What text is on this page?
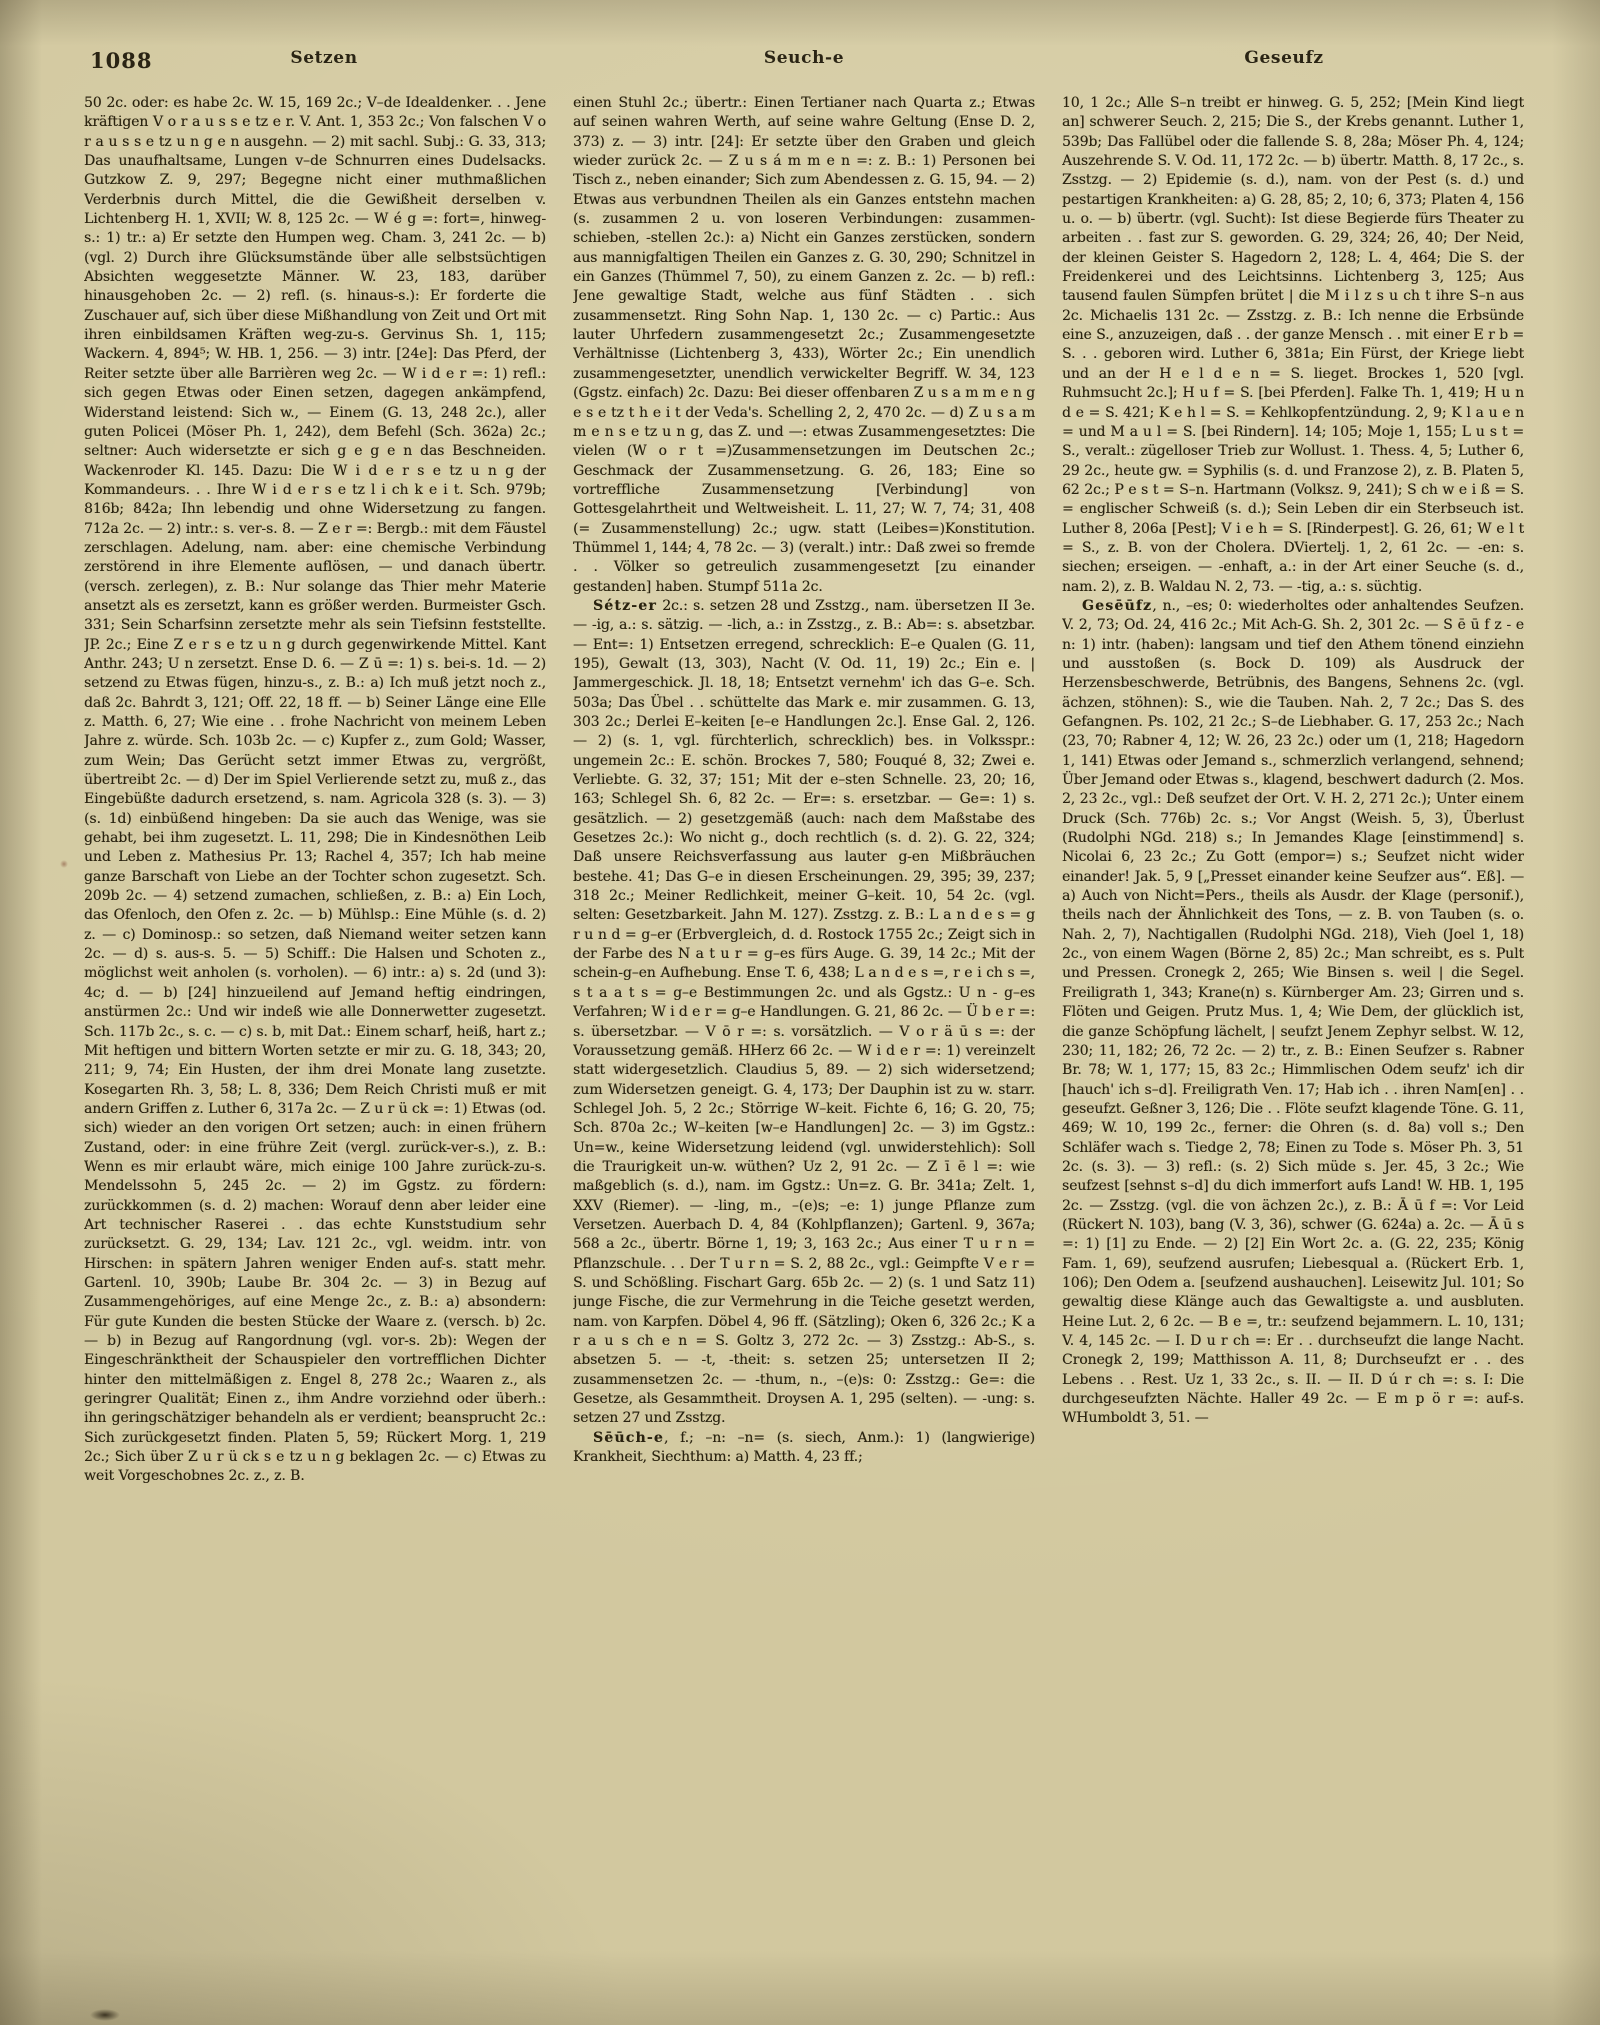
1088	Setzen	Seuch-e	Geseufz

50 2c. oder: es habe 2c. W. 15, 169 2c.; V–de Idealdenker. . . Jene kräftigen V o r a u s s e tz e r. V. Ant. 1, 353 2c.; Von falschen V o r a u s s e tz u n g e n ausgehn. — 2) mit sachl. Subj.: G. 33, 313; Das unaufhaltsame, Lungen v–de Schnurren eines Dudelsacks. Gutzkow Z. 9, 297; Begegne nicht einer muthmaßlichen Verderbnis durch Mittel, die die Gewißheit derselben v. Lichtenberg H. 1, XVII; W. 8, 125 2c. — W é g =: fort=, hinweg-s.: 1) tr.: a) Er setzte den Humpen weg. Cham. 3, 241 2c. — b) (vgl. 2) Durch ihre Glücksumstände über alle selbstsüchtigen Absichten weggesetzte Männer. W. 23, 183, darüber hinausgehoben 2c. — 2) refl. (s. hinaus-s.): Er forderte die Zuschauer auf, sich über diese Mißhandlung von Zeit und Ort mit ihren einbildsamen Kräften weg-zu-s. Gervinus Sh. 1, 115; Wackern. 4, 894⁵; W. HB. 1, 256. — 3) intr. [24e]: Das Pferd, der Reiter setzte über alle Barrièren weg 2c. — W i d e r =: 1) refl.: sich gegen Etwas oder Einen setzen, dagegen ankämpfend, Widerstand leistend: Sich w., — Einem (G. 13, 248 2c.), aller guten Policei (Möser Ph. 1, 242), dem Befehl (Sch. 362a) 2c.; seltner: Auch widersetzte er sich g e g e n das Beschneiden. Wackenroder Kl. 145. Dazu: Die W i d e r s e tz u n g der Kommandeurs. . . Ihre W i d e r s e tz l i ch k e i t. Sch. 979b; 816b; 842a; Ihn lebendig und ohne Widersetzung zu fangen. 712a 2c. — 2) intr.: s. ver-s. 8. — Z e r =: Bergb.: mit dem Fäustel zerschlagen. Adelung, nam. aber: eine chemische Verbindung zerstörend in ihre Elemente auflösen, — und danach übertr. (versch. zerlegen), z. B.: Nur solange das Thier mehr Materie ansetzt als es zersetzt, kann es größer werden. Burmeister Gsch. 331; Sein Scharfsinn zersetzte mehr als sein Tiefsinn feststellte. JP. 2c.; Eine Z e r s e tz u n g durch gegenwirkende Mittel. Kant Anthr. 243; U n zersetzt. Ense D. 6. — Z ū =: 1) s. bei-s. 1d. — 2) setzend zu Etwas fügen, hinzu-s., z. B.: a) Ich muß jetzt noch z., daß 2c. Bahrdt 3, 121; Off. 22, 18 ff. — b) Seiner Länge eine Elle z. Matth. 6, 27; Wie eine . . frohe Nachricht von meinem Leben Jahre z. würde. Sch. 103b 2c. — c) Kupfer z., zum Gold; Wasser, zum Wein; Das Gerücht setzt immer Etwas zu, vergrößt, übertreibt 2c. — d) Der im Spiel Verlierende setzt zu, muß z., das Eingebüßte dadurch ersetzend, s. nam. Agricola 328 (s. 3). — 3) (s. 1d) einbüßend hingeben: Da sie auch das Wenige, was sie gehabt, bei ihm zugesetzt. L. 11, 298; Die in Kindesnöthen Leib und Leben z. Mathesius Pr. 13; Rachel 4, 357; Ich hab meine ganze Barschaft von Liebe an der Tochter schon zugesetzt. Sch. 209b 2c. — 4) setzend zumachen, schließen, z. B.: a) Ein Loch, das Ofenloch, den Ofen z. 2c. — b) Mühlsp.: Eine Mühle (s. d. 2) z. — c) Dominosp.: so setzen, daß Niemand weiter setzen kann 2c. — d) s. aus-s. 5. — 5) Schiff.: Die Halsen und Schoten z., möglichst weit anholen (s. vorholen). — 6) intr.: a) s. 2d (und 3): 4c; d. — b) [24] hinzueilend auf Jemand heftig eindringen, anstürmen 2c.: Und wir indeß wie alle Donnerwetter zugesetzt. Sch. 117b 2c., s. c. — c) s. b, mit Dat.: Einem scharf, heiß, hart z.; Mit heftigen und bittern Worten setzte er mir zu. G. 18, 343; 20, 211; 9, 74; Ein Husten, der ihm drei Monate lang zusetzte. Kosegarten Rh. 3, 58; L. 8, 336; Dem Reich Christi muß er mit andern Griffen z. Luther 6, 317a 2c. — Z u r ü ck =: 1) Etwas (od. sich) wieder an den vorigen Ort setzen; auch: in einen frühern Zustand, oder: in eine frühre Zeit (vergl. zurück-ver-s.), z. B.: Wenn es mir erlaubt wäre, mich einige 100 Jahre zurück-zu-s. Mendelssohn 5, 245 2c. — 2) im Ggstz. zu fördern: zurückkommen (s. d. 2) machen: Worauf denn aber leider eine Art technischer Raserei . . das echte Kunststudium sehr zurücksetzt. G. 29, 134; Lav. 121 2c., vgl. weidm. intr. von Hirschen: in spätern Jahren weniger Enden auf-s. statt mehr. Gartenl. 10, 390b; Laube Br. 304 2c. — 3) in Bezug auf Zusammengehöriges, auf eine Menge 2c., z. B.: a) absondern: Für gute Kunden die besten Stücke der Waare z. (versch. b) 2c. — b) in Bezug auf Rangordnung (vgl. vor-s. 2b): Wegen der Eingeschränktheit der Schauspieler den vortrefflichen Dichter hinter den mittelmäßigen z. Engel 8, 278 2c.; Waaren z., als geringrer Qualität; Einen z., ihm Andre vorziehnd oder überh.: ihn geringschätziger behandeln als er verdient; beansprucht 2c.: Sich zurückgesetzt finden. Platen 5, 59; Rückert Morg. 1, 219 2c.; Sich über Z u r ü ck s e tz u n g beklagen 2c. — c) Etwas zu weit Vorgeschobnes 2c. z., z. B.

einen Stuhl 2c.; übertr.: Einen Tertianer nach Quarta z.; Etwas auf seinen wahren Werth, auf seine wahre Geltung (Ense D. 2, 373) z. — 3) intr. [24]: Er setzte über den Graben und gleich wieder zurück 2c. — Z u s á m m e n =: z. B.: 1) Personen bei Tisch z., neben einander; Sich zum Abendessen z. G. 15, 94. — 2) Etwas aus verbundnen Theilen als ein Ganzes entstehn machen (s. zusammen 2 u. von loseren Verbindungen: zusammen-schieben, -stellen 2c.): a) Nicht ein Ganzes zerstücken, sondern aus mannigfaltigen Theilen ein Ganzes z. G. 30, 290; Schnitzel in ein Ganzes (Thümmel 7, 50), zu einem Ganzen z. 2c. — b) refl.: Jene gewaltige Stadt, welche aus fünf Städten . . sich zusammensetzt. Ring Sohn Nap. 1, 130 2c. — c) Partic.: Aus lauter Uhrfedern zusammengesetzt 2c.; Zusammengesetzte Verhältnisse (Lichtenberg 3, 433), Wörter 2c.; Ein unendlich zusammengesetzter, unendlich verwickelter Begriff. W. 34, 123 (Ggstz. einfach) 2c. Dazu: Bei dieser offenbaren Z u s a m m e n g e s e tz t h e i t der Veda's. Schelling 2, 2, 470 2c. — d) Z u s a m m e n s e tz u n g, das Z. und —: etwas Zusammengesetztes: Die vielen (W o r t =)Zusammensetzungen im Deutschen 2c.; Geschmack der Zusammensetzung. G. 26, 183; Eine so vortreffliche Zusammensetzung [Verbindung] von Gottesgelahrtheit und Weltweisheit. L. 11, 27; W. 7, 74; 31, 408 (= Zusammenstellung) 2c.; ugw. statt (Leibes=)Konstitution. Thümmel 1, 144; 4, 78 2c. — 3) (veralt.) intr.: Daß zwei so fremde . . Völker so getreulich zusammengesetzt [zu einander gestanden] haben. Stumpf 511a 2c.

Sétz-er 2c.: s. setzen 28 und Zsstzg., nam. übersetzen II 3e. — -ig, a.: s. sätzig. — -lich, a.: in Zsstzg., z. B.: Ab=: s. absetzbar. — Ent=: 1) Entsetzen erregend, schrecklich: E–e Qualen (G. 11, 195), Gewalt (13, 303), Nacht (V. Od. 11, 19) 2c.; Ein e. | Jammergeschick. Jl. 18, 18; Entsetzt vernehm' ich das G–e. Sch. 503a; Das Übel . . schüttelte das Mark e. mir zusammen. G. 13, 303 2c.; Derlei E–keiten [e–e Handlungen 2c.]. Ense Gal. 2, 126. — 2) (s. 1, vgl. fürchterlich, schrecklich) bes. in Volksspr.: ungemein 2c.: E. schön. Brockes 7, 580; Fouqué 8, 32; Zwei e. Verliebte. G. 32, 37; 151; Mit der e–sten Schnelle. 23, 20; 16, 163; Schlegel Sh. 6, 82 2c. — Er=: s. ersetzbar. — Ge=: 1) s. gesätzlich. — 2) gesetzgemäß (auch: nach dem Maßstabe des Gesetzes 2c.): Wo nicht g., doch rechtlich (s. d. 2). G. 22, 324; Daß unsere Reichsverfassung aus lauter g-en Mißbräuchen bestehe. 41; Das G–e in diesen Erscheinungen. 29, 395; 39, 237; 318 2c.; Meiner Redlichkeit, meiner G–keit. 10, 54 2c. (vgl. selten: Gesetzbarkeit. Jahn M. 127). Zsstzg. z. B.: L a n d e s = g r u n d = g–er (Erbvergleich, d. d. Rostock 1755 2c.; Zeigt sich in der Farbe des N a t u r = g–es fürs Auge. G. 39, 14 2c.; Mit der schein-g–en Aufhebung. Ense T. 6, 438; L a n d e s =, r e i ch s =, s t a a t s = g–e Bestimmungen 2c. und als Ggstz.: U n - g–es Verfahren; W i d e r = g–e Handlungen. G. 21, 86 2c. — Ü b e r =: s. übersetzbar. — V ō r =: s. vorsätzlich. — V o r ä ū s =: der Voraussetzung gemäß. HHerz 66 2c. — W i d e r =: 1) vereinzelt statt widergesetzlich. Claudius 5, 89. — 2) sich widersetzend; zum Widersetzen geneigt. G. 4, 173; Der Dauphin ist zu w. starr. Schlegel Joh. 5, 2 2c.; Störrige W–keit. Fichte 6, 16; G. 20, 75; Sch. 870a 2c.; W–keiten [w–e Handlungen] 2c. — 3) im Ggstz.: Un=w., keine Widersetzung leidend (vgl. unwiderstehlich): Soll die Traurigkeit un-w. wüthen? Uz 2, 91 2c. — Z ī ē l =: wie maßgeblich (s. d.), nam. im Ggstz.: Un=z. G. Br. 341a; Zelt. 1, XXV (Riemer). — -ling, m., –(e)s; –e: 1) junge Pflanze zum Versetzen. Auerbach D. 4, 84 (Kohlpflanzen); Gartenl. 9, 367a; 568 a 2c., übertr. Börne 1, 19; 3, 163 2c.; Aus einer T u r n = Pflanzschule. . . Der T u r n = S. 2, 88 2c., vgl.: Geimpfte V e r = S. und Schößling. Fischart Garg. 65b 2c. — 2) (s. 1 und Satz 11) junge Fische, die zur Vermehrung in die Teiche gesetzt werden, nam. von Karpfen. Döbel 4, 96 ff. (Sätzling); Oken 6, 326 2c.; K a r a u s ch e n = S. Goltz 3, 272 2c. — 3) Zsstzg.: Ab-S., s. absetzen 5. — -t, -theit: s. setzen 25; untersetzen II 2; zusammensetzen 2c. — -thum, n., –(e)s: 0: Zsstzg.: Ge=: die Gesetze, als Gesammtheit. Droysen A. 1, 295 (selten). — -ung: s. setzen 27 und Zsstzg.

Sēūch-e, f.; –n: –n= (s. siech, Anm.): 1) (langwierige) Krankheit, Siechthum: a) Matth. 4, 23 ff.;

10, 1 2c.; Alle S–n treibt er hinweg. G. 5, 252; [Mein Kind liegt an] schwerer Seuch. 2, 215; Die S., der Krebs genannt. Luther 1, 539b; Das Fallübel oder die fallende S. 8, 28a; Möser Ph. 4, 124; Auszehrende S. V. Od. 11, 172 2c. — b) übertr. Matth. 8, 17 2c., s. Zsstzg. — 2) Epidemie (s. d.), nam. von der Pest (s. d.) und pestartigen Krankheiten: a) G. 28, 85; 2, 10; 6, 373; Platen 4, 156 u. o. — b) übertr. (vgl. Sucht): Ist diese Begierde fürs Theater zu arbeiten . . fast zur S. geworden. G. 29, 324; 26, 40; Der Neid, der kleinen Geister S. Hagedorn 2, 128; L. 4, 464; Die S. der Freidenkerei und des Leichtsinns. Lichtenberg 3, 125; Aus tausend faulen Sümpfen brütet | die M i l z s u ch t ihre S–n aus 2c. Michaelis 131 2c. — Zsstzg. z. B.: Ich nenne die Erbsünde eine S., anzuzeigen, daß . . der ganze Mensch . . mit einer E r b = S. . . geboren wird. Luther 6, 381a; Ein Fürst, der Kriege liebt und an der H e l d e n = S. lieget. Brockes 1, 520 [vgl. Ruhmsucht 2c.]; H u f = S. [bei Pferden]. Falke Th. 1, 419; H u n d e = S. 421; K e h l = S. = Kehlkopfentzündung. 2, 9; K l a u e n = und M a u l = S. [bei Rindern]. 14; 105; Moje 1, 155; L u s t = S., veralt.: zügelloser Trieb zur Wollust. 1. Thess. 4, 5; Luther 6, 29 2c., heute gw. = Syphilis (s. d. und Franzose 2), z. B. Platen 5, 62 2c.; P e s t = S–n. Hartmann (Volksz. 9, 241); S ch w e i ß = S. = englischer Schweiß (s. d.); Sein Leben dir ein Sterbseuch ist. Luther 8, 206a [Pest]; V i e h = S. [Rinderpest]. G. 26, 61; W e l t = S., z. B. von der Cholera. DViertelj. 1, 2, 61 2c. — -en: s. siechen; erseigen. — -enhaft, a.: in der Art einer Seuche (s. d., nam. 2), z. B. Waldau N. 2, 73. — -tig, a.: s. süchtig.

Gesēūfz, n., –es; 0: wiederholtes oder anhaltendes Seufzen. V. 2, 73; Od. 24, 416 2c.; Mit Ach-G. Sh. 2, 301 2c. — S ē ū f z - e n: 1) intr. (haben): langsam und tief den Athem tönend einziehn und ausstoßen (s. Bock D. 109) als Ausdruck der Herzensbeschwerde, Betrübnis, des Bangens, Sehnens 2c. (vgl. ächzen, stöhnen): S., wie die Tauben. Nah. 2, 7 2c.; Das S. des Gefangnen. Ps. 102, 21 2c.; S–de Liebhaber. G. 17, 253 2c.; Nach (23, 70; Rabner 4, 12; W. 26, 23 2c.) oder um (1, 218; Hagedorn 1, 141) Etwas oder Jemand s., schmerzlich verlangend, sehnend; Über Jemand oder Etwas s., klagend, beschwert dadurch (2. Mos. 2, 23 2c., vgl.: Deß seufzet der Ort. V. H. 2, 271 2c.); Unter einem Druck (Sch. 776b) 2c. s.; Vor Angst (Weish. 5, 3), Überlust (Rudolphi NGd. 218) s.; In Jemandes Klage [einstimmend] s. Nicolai 6, 23 2c.; Zu Gott (empor=) s.; Seufzet nicht wider einander! Jak. 5, 9 [„Presset einander keine Seufzer aus“. Eß]. — a) Auch von Nicht=Pers., theils als Ausdr. der Klage (personif.), theils nach der Ähnlichkeit des Tons, — z. B. von Tauben (s. o. Nah. 2, 7), Nachtigallen (Rudolphi NGd. 218), Vieh (Joel 1, 18) 2c., von einem Wagen (Börne 2, 85) 2c.; Man schreibt, es s. Pult und Pressen. Cronegk 2, 265; Wie Binsen s. weil | die Segel. Freiligrath 1, 343; Krane(n) s. Kürnberger Am. 23; Girren und s. Flöten und Geigen. Prutz Mus. 1, 4; Wie Dem, der glücklich ist, die ganze Schöpfung lächelt, | seufzt Jenem Zephyr selbst. W. 12, 230; 11, 182; 26, 72 2c. — 2) tr., z. B.: Einen Seufzer s. Rabner Br. 78; W. 1, 177; 15, 83 2c.; Himmlischen Odem seufz' ich dir [hauch' ich s–d]. Freiligrath Ven. 17; Hab ich . . ihren Nam[en] . . geseufzt. Geßner 3, 126; Die . . Flöte seufzt klagende Töne. G. 11, 469; W. 10, 199 2c., ferner: die Ohren (s. d. 8a) voll s.; Den Schläfer wach s. Tiedge 2, 78; Einen zu Tode s. Möser Ph. 3, 51 2c. (s. 3). — 3) refl.: (s. 2) Sich müde s. Jer. 45, 3 2c.; Wie seufzest [sehnst s–d] du dich immerfort aufs Land! W. HB. 1, 195 2c. — Zsstzg. (vgl. die von ächzen 2c.), z. B.: Ā ū f =: Vor Leid (Rückert N. 103), bang (V. 3, 36), schwer (G. 624a) a. 2c. — Ā ū s =: 1) [1] zu Ende. — 2) [2] Ein Wort 2c. a. (G. 22, 235; König Fam. 1, 69), seufzend ausrufen; Liebesqual a. (Rückert Erb. 1, 106); Den Odem a. [seufzend aushauchen]. Leisewitz Jul. 101; So gewaltig diese Klänge auch das Gewaltigste a. und ausbluten. Heine Lut. 2, 6 2c. — B e =, tr.: seufzend bejammern. L. 10, 131; V. 4, 145 2c. — I. D u r ch =: Er . . durchseufzt die lange Nacht. Cronegk 2, 199; Matthisson A. 11, 8; Durchseufzt er . . des Lebens . . Rest. Uz 1, 33 2c., s. II. — II. D ú r ch =: s. I: Die durchgeseufzten Nächte. Haller 49 2c. — E m p ö r =: auf-s. WHumboldt 3, 51. —
